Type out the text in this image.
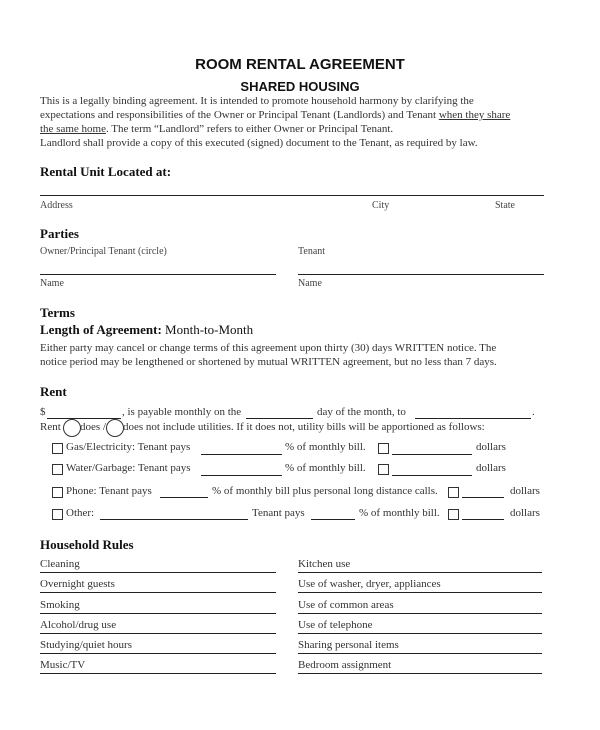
ROOM RENTAL AGREEMENT
SHARED HOUSING
This is a legally binding agreement. It is intended to promote household harmony by clarifying the
expectations and responsibilities of the Owner or Principal Tenant (Landlords) and Tenant when they share
the same home. The term “Landlord” refers to either Owner or Principal Tenant.
Landlord shall provide a copy of this executed (signed) document to the Tenant, as required by law.
Rental Unit Located at:
Address	City	State
Parties
Owner/Principal Tenant (circle)	Tenant
Name	Name
Terms
Length of Agreement: Month-to-Month
Either party may cancel or change terms of this agreement upon thirty (30) days WRITTEN notice. The
notice period may be lengthened or shortened by mutual WRITTEN agreement, but no less than 7 days.
Rent
$	, is payable monthly on the	day of the month, to	.
Rent does / does not include utilities. If it does not, utility bills will be apportioned as follows:
Gas/Electricity: Tenant pays	% of monthly bill.	dollars
Water/Garbage: Tenant pays	% of monthly bill.	dollars
Phone: Tenant pays	% of monthly bill plus personal long distance calls.	dollars
Other:	Tenant pays	% of monthly bill.	dollars
Household Rules
Cleaning	Kitchen use
Overnight guests	Use of washer, dryer, appliances
Smoking	Use of common areas
Alcohol/drug use	Use of telephone
Studying/quiet hours	Sharing personal items
Music/TV	Bedroom assignment
